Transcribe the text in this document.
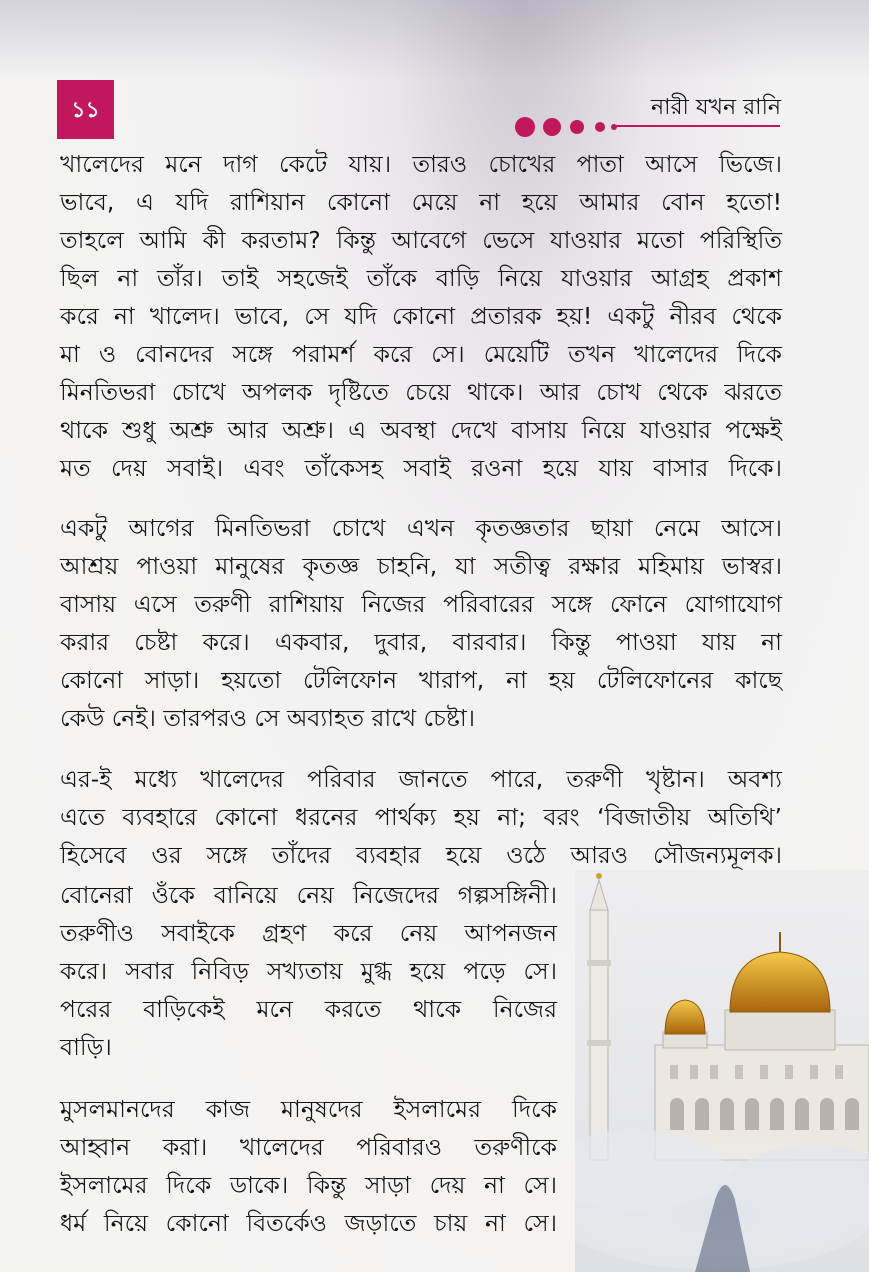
১১	নারী যখন রানি
খালেদের মনে দাগ কেটে যায়। তারও চোখের পাতা আসে ভিজে।
ভাবে, এ যদি রাশিয়ান কোনো মেয়ে না হয়ে আমার বোন হতো!
তাহলে আমি কী করতাম? কিন্তু আবেগে ভেসে যাওয়ার মতো পরিস্থিতি
ছিল না তাঁর। তাই সহজেই তাঁকে বাড়ি নিয়ে যাওয়ার আগ্রহ প্রকাশ
করে না খালেদ। ভাবে, সে যদি কোনো প্রতারক হয়! একটু নীরব থেকে
মা ও বোনদের সঙ্গে পরামর্শ করে সে। মেয়েটি তখন খালেদের দিকে
মিনতিভরা চোখে অপলক দৃষ্টিতে চেয়ে থাকে। আর চোখ থেকে ঝরতে
থাকে শুধু অশ্রু আর অশ্রু। এ অবস্থা দেখে বাসায় নিয়ে যাওয়ার পক্ষেই
মত দেয় সবাই। এবং তাঁকেসহ সবাই রওনা হয়ে যায় বাসার দিকে।
একটু আগের মিনতিভরা চোখে এখন কৃতজ্ঞতার ছায়া নেমে আসে।
আশ্রয় পাওয়া মানুষের কৃতজ্ঞ চাহনি, যা সতীত্ব রক্ষার মহিমায় ভাস্বর।
বাসায় এসে তরুণী রাশিয়ায় নিজের পরিবারের সঙ্গে ফোনে যোগাযোগ
করার চেষ্টা করে। একবার, দুবার, বারবার। কিন্তু পাওয়া যায় না
কোনো সাড়া। হয়তো টেলিফোন খারাপ, না হয় টেলিফোনের কাছে
কেউ নেই। তারপরও সে অব্যাহত রাখে চেষ্টা।
এর-ই মধ্যে খালেদের পরিবার জানতে পারে, তরুণী খৃষ্টান। অবশ্য
এতে ব্যবহারে কোনো ধরনের পার্থক্য হয় না; বরং ‘বিজাতীয় অতিথি’
হিসেবে ওর সঙ্গে তাঁদের ব্যবহার হয়ে ওঠে আরও সৌজন্যমূলক।
বোনেরা ওঁকে বানিয়ে নেয় নিজেদের গল্পসঙ্গিনী।
তরুণীও সবাইকে গ্রহণ করে নেয় আপনজন
করে। সবার নিবিড় সখ্যতায় মুগ্ধ হয়ে পড়ে সে।
পরের বাড়িকেই মনে করতে থাকে নিজের
বাড়ি।
মুসলমানদের কাজ মানুষদের ইসলামের দিকে
আহ্বান করা। খালেদের পরিবারও তরুণীকে
ইসলামের দিকে ডাকে। কিন্তু সাড়া দেয় না সে।
ধর্ম নিয়ে কোনো বিতর্কেও জড়াতে চায় না সে।
